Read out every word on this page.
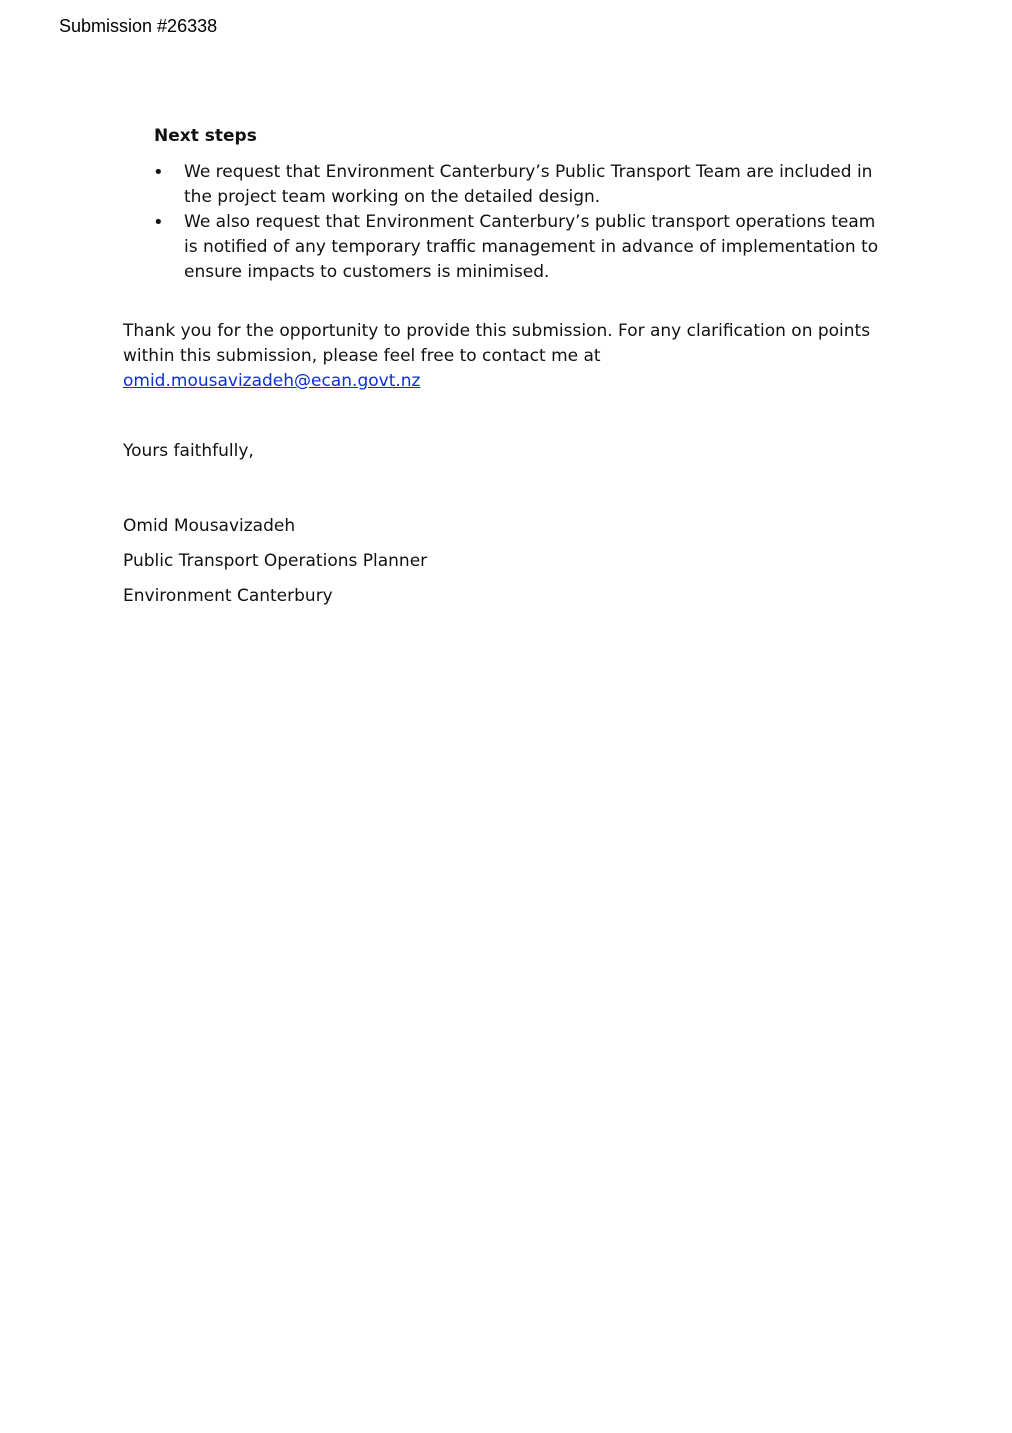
Submission #26338
Next steps
•	We request that Environment Canterbury’s Public Transport Team are included in the project team working on the detailed design.
•	We also request that Environment Canterbury’s public transport operations team is notified of any temporary traffic management in advance of implementation to ensure impacts to customers is minimised.
Thank you for the opportunity to provide this submission. For any clarification on points within this submission, please feel free to contact me at omid.mousavizadeh@ecan.govt.nz
Yours faithfully,
Omid Mousavizadeh
Public Transport Operations Planner
Environment Canterbury
